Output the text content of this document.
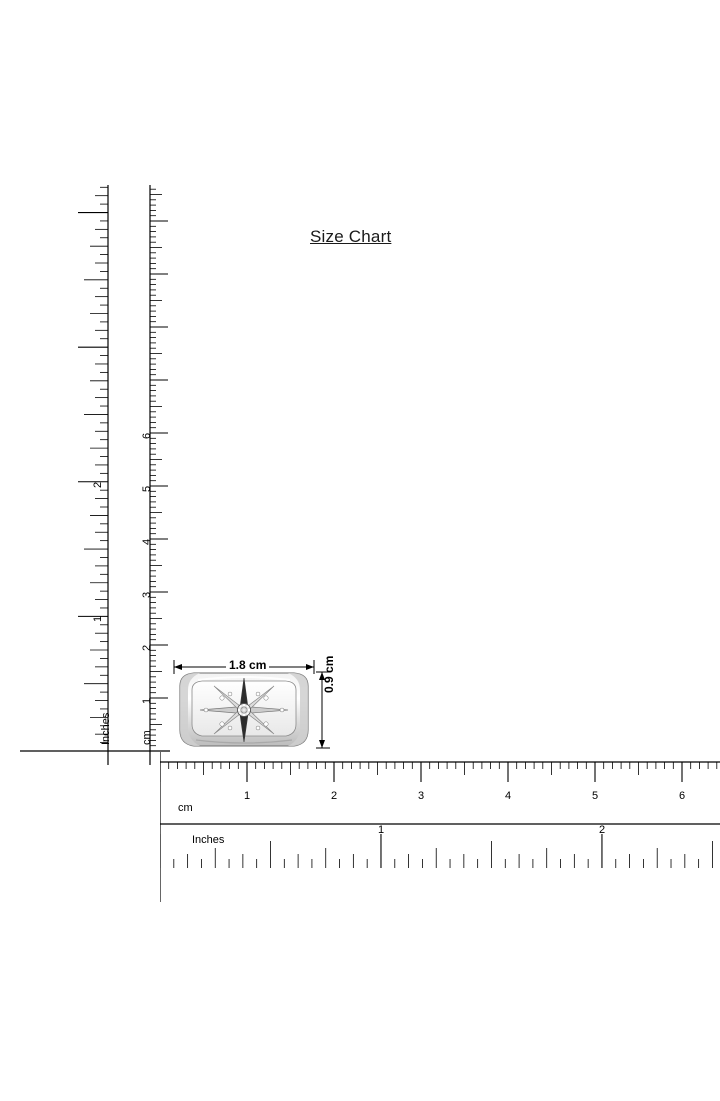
Size Chart
cm
Inches
1
2
3
4
5
6
1
2
1.8 cm	0.9 cm
cm
Inches
1	2	3	4	5	6
1	2
